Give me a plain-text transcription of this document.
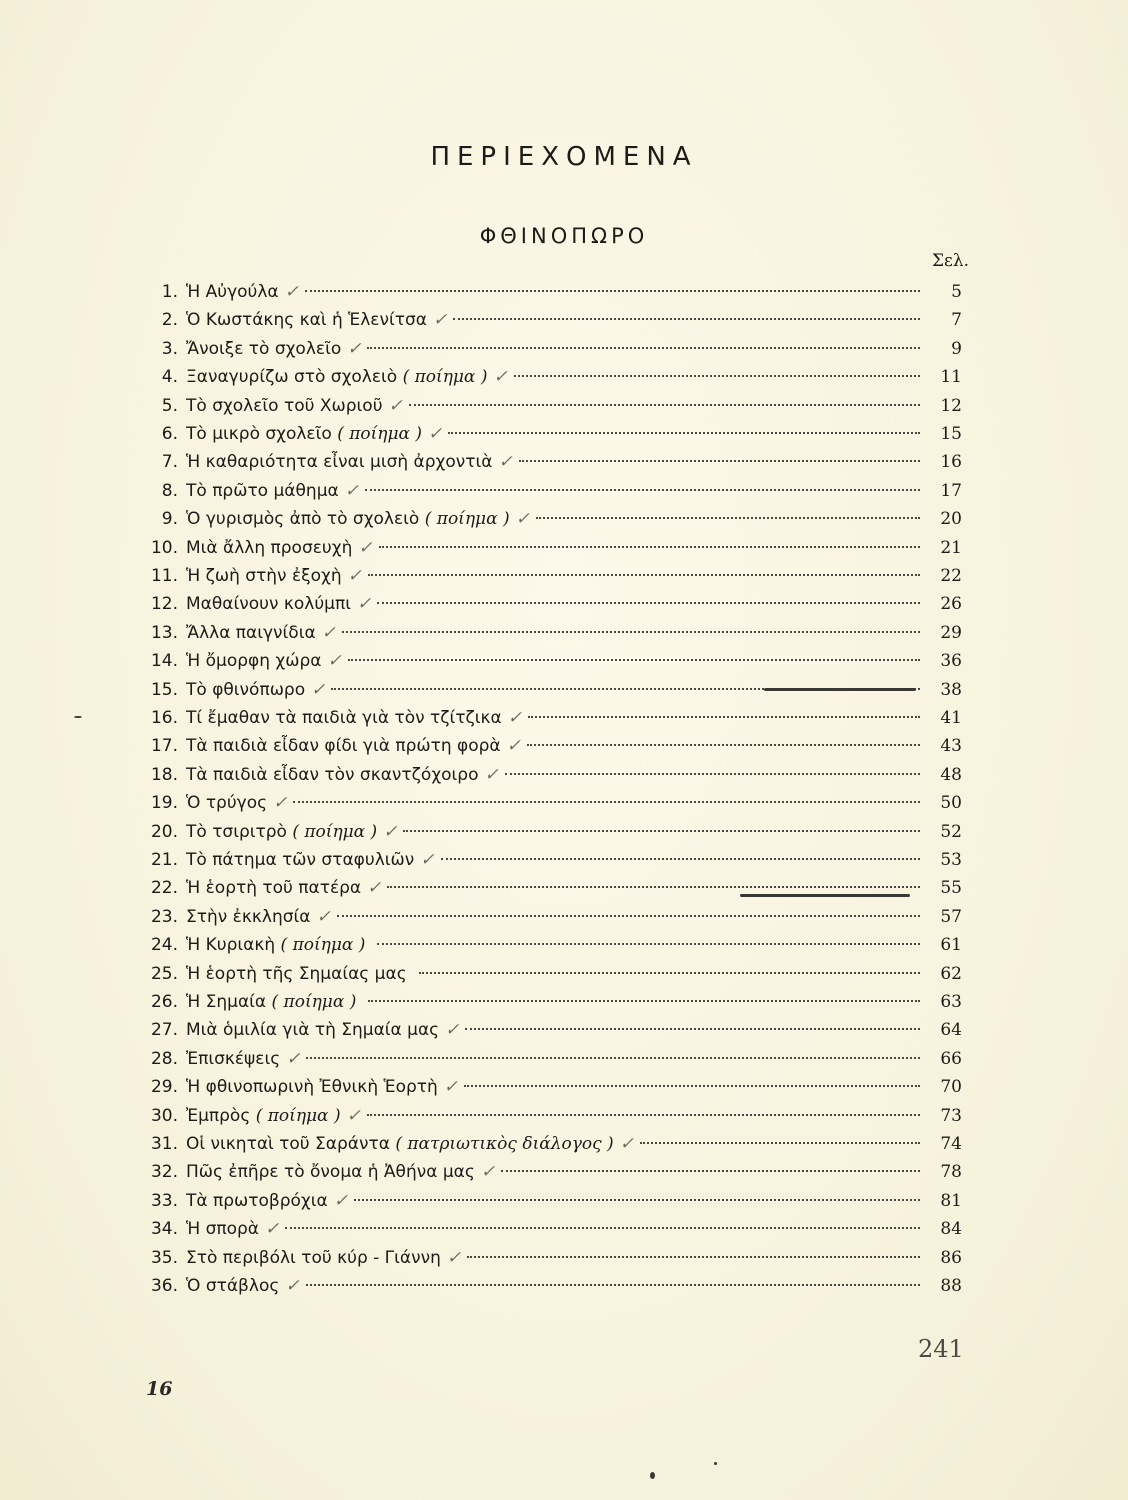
ΠΕΡΙΕΧΟΜΕΝΑ
ΦΘΙΝΟΠΩΡΟ
Σελ.
1. Ἡ Αὐγούλα ✓	5
2. Ὁ Κωστάκης καὶ ἡ Ἑλενίτσα ✓	7
3. Ἄνοιξε τὸ σχολεῖο ✓	9
4. Ξαναγυρίζω στὸ σχολειὸ ( ποίημα ) ✓	11
5. Τὸ σχολεῖο τοῦ Χωριοῦ ✓	12
6. Τὸ μικρὸ σχολεῖο ( ποίημα ) ✓	15
7. Ἡ καθαριότητα εἶναι μισὴ ἀρχοντιὰ ✓	16
8. Τὸ πρῶτο μάθημα ✓	17
9. Ὁ γυρισμὸς ἀπὸ τὸ σχολειὸ ( ποίημα ) ✓	20
10. Μιὰ ἄλλη προσευχὴ ✓	21
11. Ἡ ζωὴ στὴν ἐξοχὴ ✓	22
12. Μαθαίνουν κολύμπι ✓	26
13. Ἄλλα παιγνίδια ✓	29
14. Ἡ ὄμορφη χώρα ✓	36
15. Τὸ φθινόπωρο ✓	38
16. Τί ἔμαθαν τὰ παιδιὰ γιὰ τὸν τζίτζικα ✓	41
17. Τὰ παιδιὰ εἶδαν φίδι γιὰ πρώτη φορὰ ✓	43
18. Τὰ παιδιὰ εἶδαν τὸν σκαντζόχοιρο ✓	48
19. Ὁ τρύγος ✓	50
20. Τὸ τσιριτρὸ ( ποίημα ) ✓	52
21. Τὸ πάτημα τῶν σταφυλιῶν ✓	53
22. Ἡ ἑορτὴ τοῦ πατέρα ✓	55
23. Στὴν ἐκκλησία ✓	57
24. Ἡ Κυριακὴ ( ποίημα )	61
25. Ἡ ἑορτὴ τῆς Σημαίας μας	62
26. Ἡ Σημαία ( ποίημα )	63
27. Μιὰ ὁμιλία γιὰ τὴ Σημαία μας ✓	64
28. Ἐπισκέψεις ✓	66
29. Ἡ φθινοπωρινὴ Ἐθνικὴ Ἑορτὴ ✓	70
30. Ἐμπρὸς ( ποίημα ) ✓	73
31. Οἱ νικηταὶ τοῦ Σαράντα ( πατριωτικὸς διάλογος ) ✓	74
32. Πῶς ἐπῆρε τὸ ὄνομα ἡ Ἀθήνα μας ✓	78
33. Τὰ πρωτοβρόχια ✓	81
34. Ἡ σπορὰ ✓	84
35. Στὸ περιβόλι τοῦ κύρ - Γιάννη ✓	86
36. Ὁ στάβλος ✓	88
241
16
